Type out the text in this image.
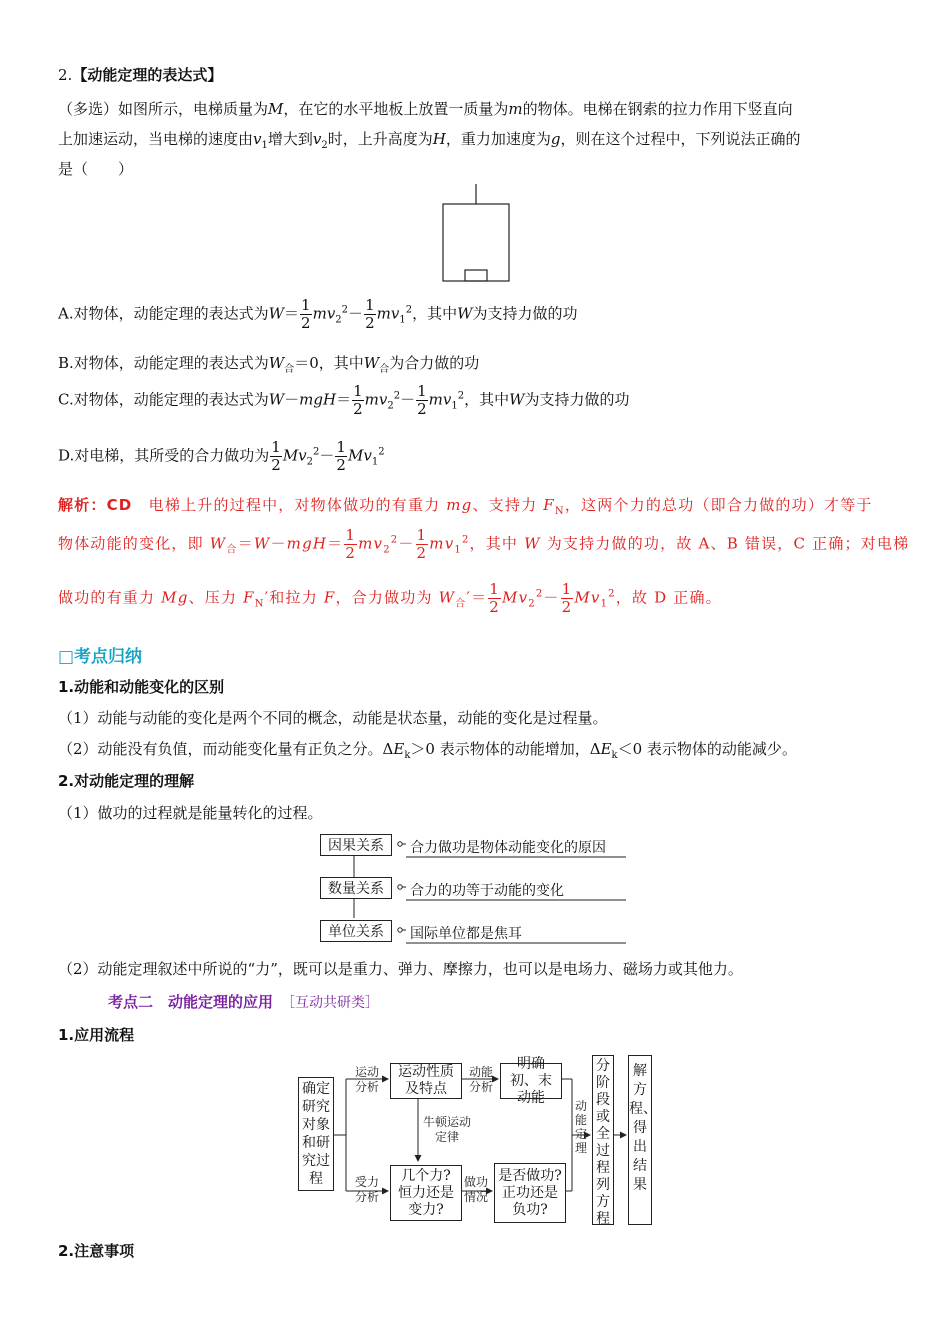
2.【动能定理的表达式】
（多选）如图所示，电梯质量为M，在它的水平地板上放置一质量为m的物体。电梯在钢索的拉力作用下竖直向
上加速运动，当电梯的速度由$v_1$增大到$v_2$时，上升高度为H，重力加速度为g，则在这个过程中，下列说法正确的
是（　　）
A.对物体，动能定理的表达式为$W= \frac{1}{2} mv_2^2- \frac{1}{2} mv_1^2$，其中W为支持力做的功
B.对物体，动能定理的表达式为$W_合=0$，其中$W_合$为合力做的功
C.对物体，动能定理的表达式为$W-mgH= \frac{1}{2} mv_2^2- \frac{1}{2} mv_1^2$，其中W为支持力做的功
D.对电梯，其所受的合力做功为 $\frac{1}{2} Mv_2^2- \frac{1}{2} Mv_1^2$
解析：CD　 电梯上升的过程中，对物体做功的有重力 mg、支持力 $F_N$，这两个力的总功（即合力做的功）才等于
物体动能的变化，即 $W_合=W-mgH= \frac{1}{2} mv_2^2- \frac{1}{2} mv_1^2$，其中 W 为支持力做的功，故 A、B 错误，C 正确；对电梯
做功的有重力 Mg、压力 $F_N'$和拉力 F，合力做功为 $W_合'= \frac{1}{2} Mv_2^2- \frac{1}{2} Mv_1^2$，故 D 正确。
□考点归纳
1.动能和动能变化的区别
（1）动能与动能的变化是两个不同的概念，动能是状态量，动能的变化是过程量。
（2）动能没有负值，而动能变化量有正负之分。$\Delta E_k>0$ 表示物体的动能增加，$\Delta E_k<0$ 表示物体的动能减少。
2.对动能定理的理解
（1）做功的过程就是能量转化的过程。
因果关系	合力做功是物体动能变化的原因
数量关系	合力的功等于动能的变化
单位关系	国际单位都是焦耳
（2）动能定理叙述中所说的“力”，既可以是重力、弹力、摩擦力，也可以是电场力、磁场力或其他力。
考点二　动能定理的应用　 ［互动共研类］
1.应用流程
确定研究对象和研究过程
运动分析
运动性质及特点
动能分析
明确初、末动能
牛顿运动定律
受力分析
几个力?恒力还是变力?
做功情况
是否做功?正功还是负功?
动能定理
分阶段或全过程列方程
解方程、得出结果
2.注意事项
